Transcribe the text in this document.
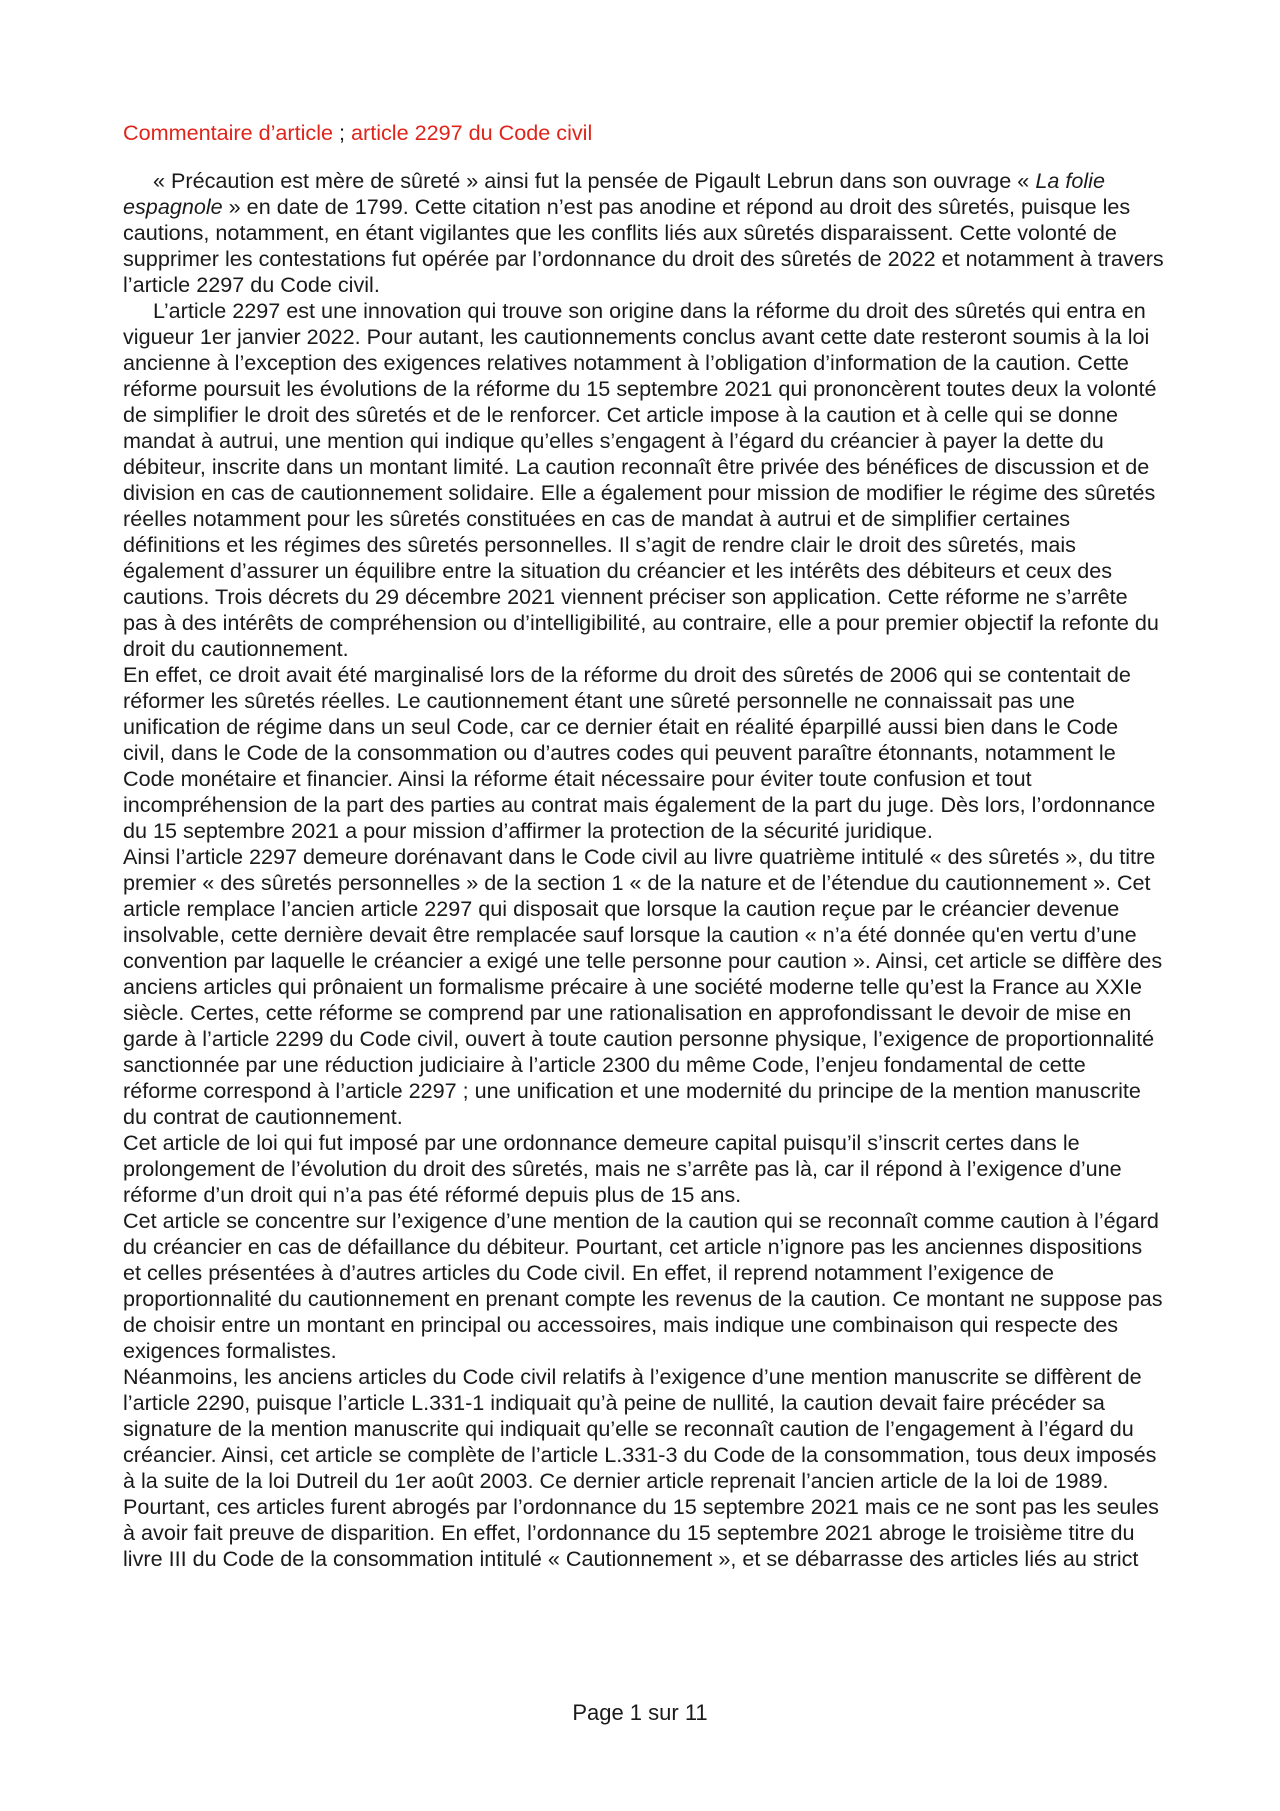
Commentaire d’article ; article 2297 du Code civil

« Précaution est mère de sûreté » ainsi fut la pensée de Pigault Lebrun dans son ouvrage « La folie espagnole » en date de 1799. Cette citation n’est pas anodine et répond au droit des sûretés, puisque les cautions, notamment, en étant vigilantes que les conflits liés aux sûretés disparaissent. Cette volonté de supprimer les contestations fut opérée par l’ordonnance du droit des sûretés de 2022 et notamment à travers l’article 2297 du Code civil.

L’article 2297 est une innovation qui trouve son origine dans la réforme du droit des sûretés qui entra en vigueur 1er janvier 2022. Pour autant, les cautionnements conclus avant cette date resteront soumis à la loi ancienne à l’exception des exigences relatives notamment à l’obligation d’information de la caution. Cette réforme poursuit les évolutions de la réforme du 15 septembre 2021 qui prononcèrent toutes deux la volonté de simplifier le droit des sûretés et de le renforcer. Cet article impose à la caution et à celle qui se donne mandat à autrui, une mention qui indique qu’elles s’engagent à l’égard du créancier à payer la dette du débiteur, inscrite dans un montant limité. La caution reconnaît être privée des bénéfices de discussion et de division en cas de cautionnement solidaire. Elle a également pour mission de modifier le régime des sûretés réelles notamment pour les sûretés constituées en cas de mandat à autrui et de simplifier certaines définitions et les régimes des sûretés personnelles. Il s’agit de rendre clair le droit des sûretés, mais également d’assurer un équilibre entre la situation du créancier et les intérêts des débiteurs et ceux des cautions. Trois décrets du 29 décembre 2021 viennent préciser son application. Cette réforme ne s’arrête pas à des intérêts de compréhension ou d’intelligibilité, au contraire, elle a pour premier objectif la refonte du droit du cautionnement.

En effet, ce droit avait été marginalisé lors de la réforme du droit des sûretés de 2006 qui se contentait de réformer les sûretés réelles. Le cautionnement étant une sûreté personnelle ne connaissait pas une unification de régime dans un seul Code, car ce dernier était en réalité éparpillé aussi bien dans le Code civil, dans le Code de la consommation ou d’autres codes qui peuvent paraître étonnants, notamment le Code monétaire et financier. Ainsi la réforme était nécessaire pour éviter toute confusion et tout incompréhension de la part des parties au contrat mais également de la part du juge. Dès lors, l’ordonnance du 15 septembre 2021 a pour mission d’affirmer la protection de la sécurité juridique.

Ainsi l’article 2297 demeure dorénavant dans le Code civil au livre quatrième intitulé « des sûretés », du titre premier « des sûretés personnelles » de la section 1 « de la nature et de l’étendue du cautionnement ». Cet article remplace l’ancien article 2297 qui disposait que lorsque la caution reçue par le créancier devenue insolvable, cette dernière devait être remplacée sauf lorsque la caution « n’a été donnée qu'en vertu d’une convention par laquelle le créancier a exigé une telle personne pour caution ». Ainsi, cet article se diffère des anciens articles qui prônaient un formalisme précaire à une société moderne telle qu’est la France au XXIe siècle. Certes, cette réforme se comprend par une rationalisation en approfondissant le devoir de mise en garde à l’article 2299 du Code civil, ouvert à toute caution personne physique, l’exigence de proportionnalité sanctionnée par une réduction judiciaire à l’article 2300 du même Code, l’enjeu fondamental de cette réforme correspond à l’article 2297 ; une unification et une modernité du principe de la mention manuscrite du contrat de cautionnement.

Cet article de loi qui fut imposé par une ordonnance demeure capital puisqu’il s’inscrit certes dans le prolongement de l’évolution du droit des sûretés, mais ne s’arrête pas là, car il répond à l’exigence d’une réforme d’un droit qui n’a pas été réformé depuis plus de 15 ans.

Cet article se concentre sur l’exigence d’une mention de la caution qui se reconnaît comme caution à l’égard du créancier en cas de défaillance du débiteur. Pourtant, cet article n’ignore pas les anciennes dispositions et celles présentées à d’autres articles du Code civil. En effet, il reprend notamment l’exigence de proportionnalité du cautionnement en prenant compte les revenus de la caution. Ce montant ne suppose pas de choisir entre un montant en principal ou accessoires, mais indique une combinaison qui respecte des exigences formalistes.

Néanmoins, les anciens articles du Code civil relatifs à l’exigence d’une mention manuscrite se diffèrent de l’article 2290, puisque l’article L.331-1 indiquait qu’à peine de nullité, la caution devait faire précéder sa signature de la mention manuscrite qui indiquait qu’elle se reconnaît caution de l’engagement à l’égard du créancier. Ainsi, cet article se complète de l’article L.331-3 du Code de la consommation, tous deux imposés à la suite de la loi Dutreil du 1er août 2003. Ce dernier article reprenait l’ancien article de la loi de 1989. Pourtant, ces articles furent abrogés par l’ordonnance du 15 septembre 2021 mais ce ne sont pas les seules à avoir fait preuve de disparition. En effet, l’ordonnance du 15 septembre 2021 abroge le troisième titre du livre III du Code de la consommation intitulé « Cautionnement », et se débarrasse des articles liés au strict

Page 1 sur 11
